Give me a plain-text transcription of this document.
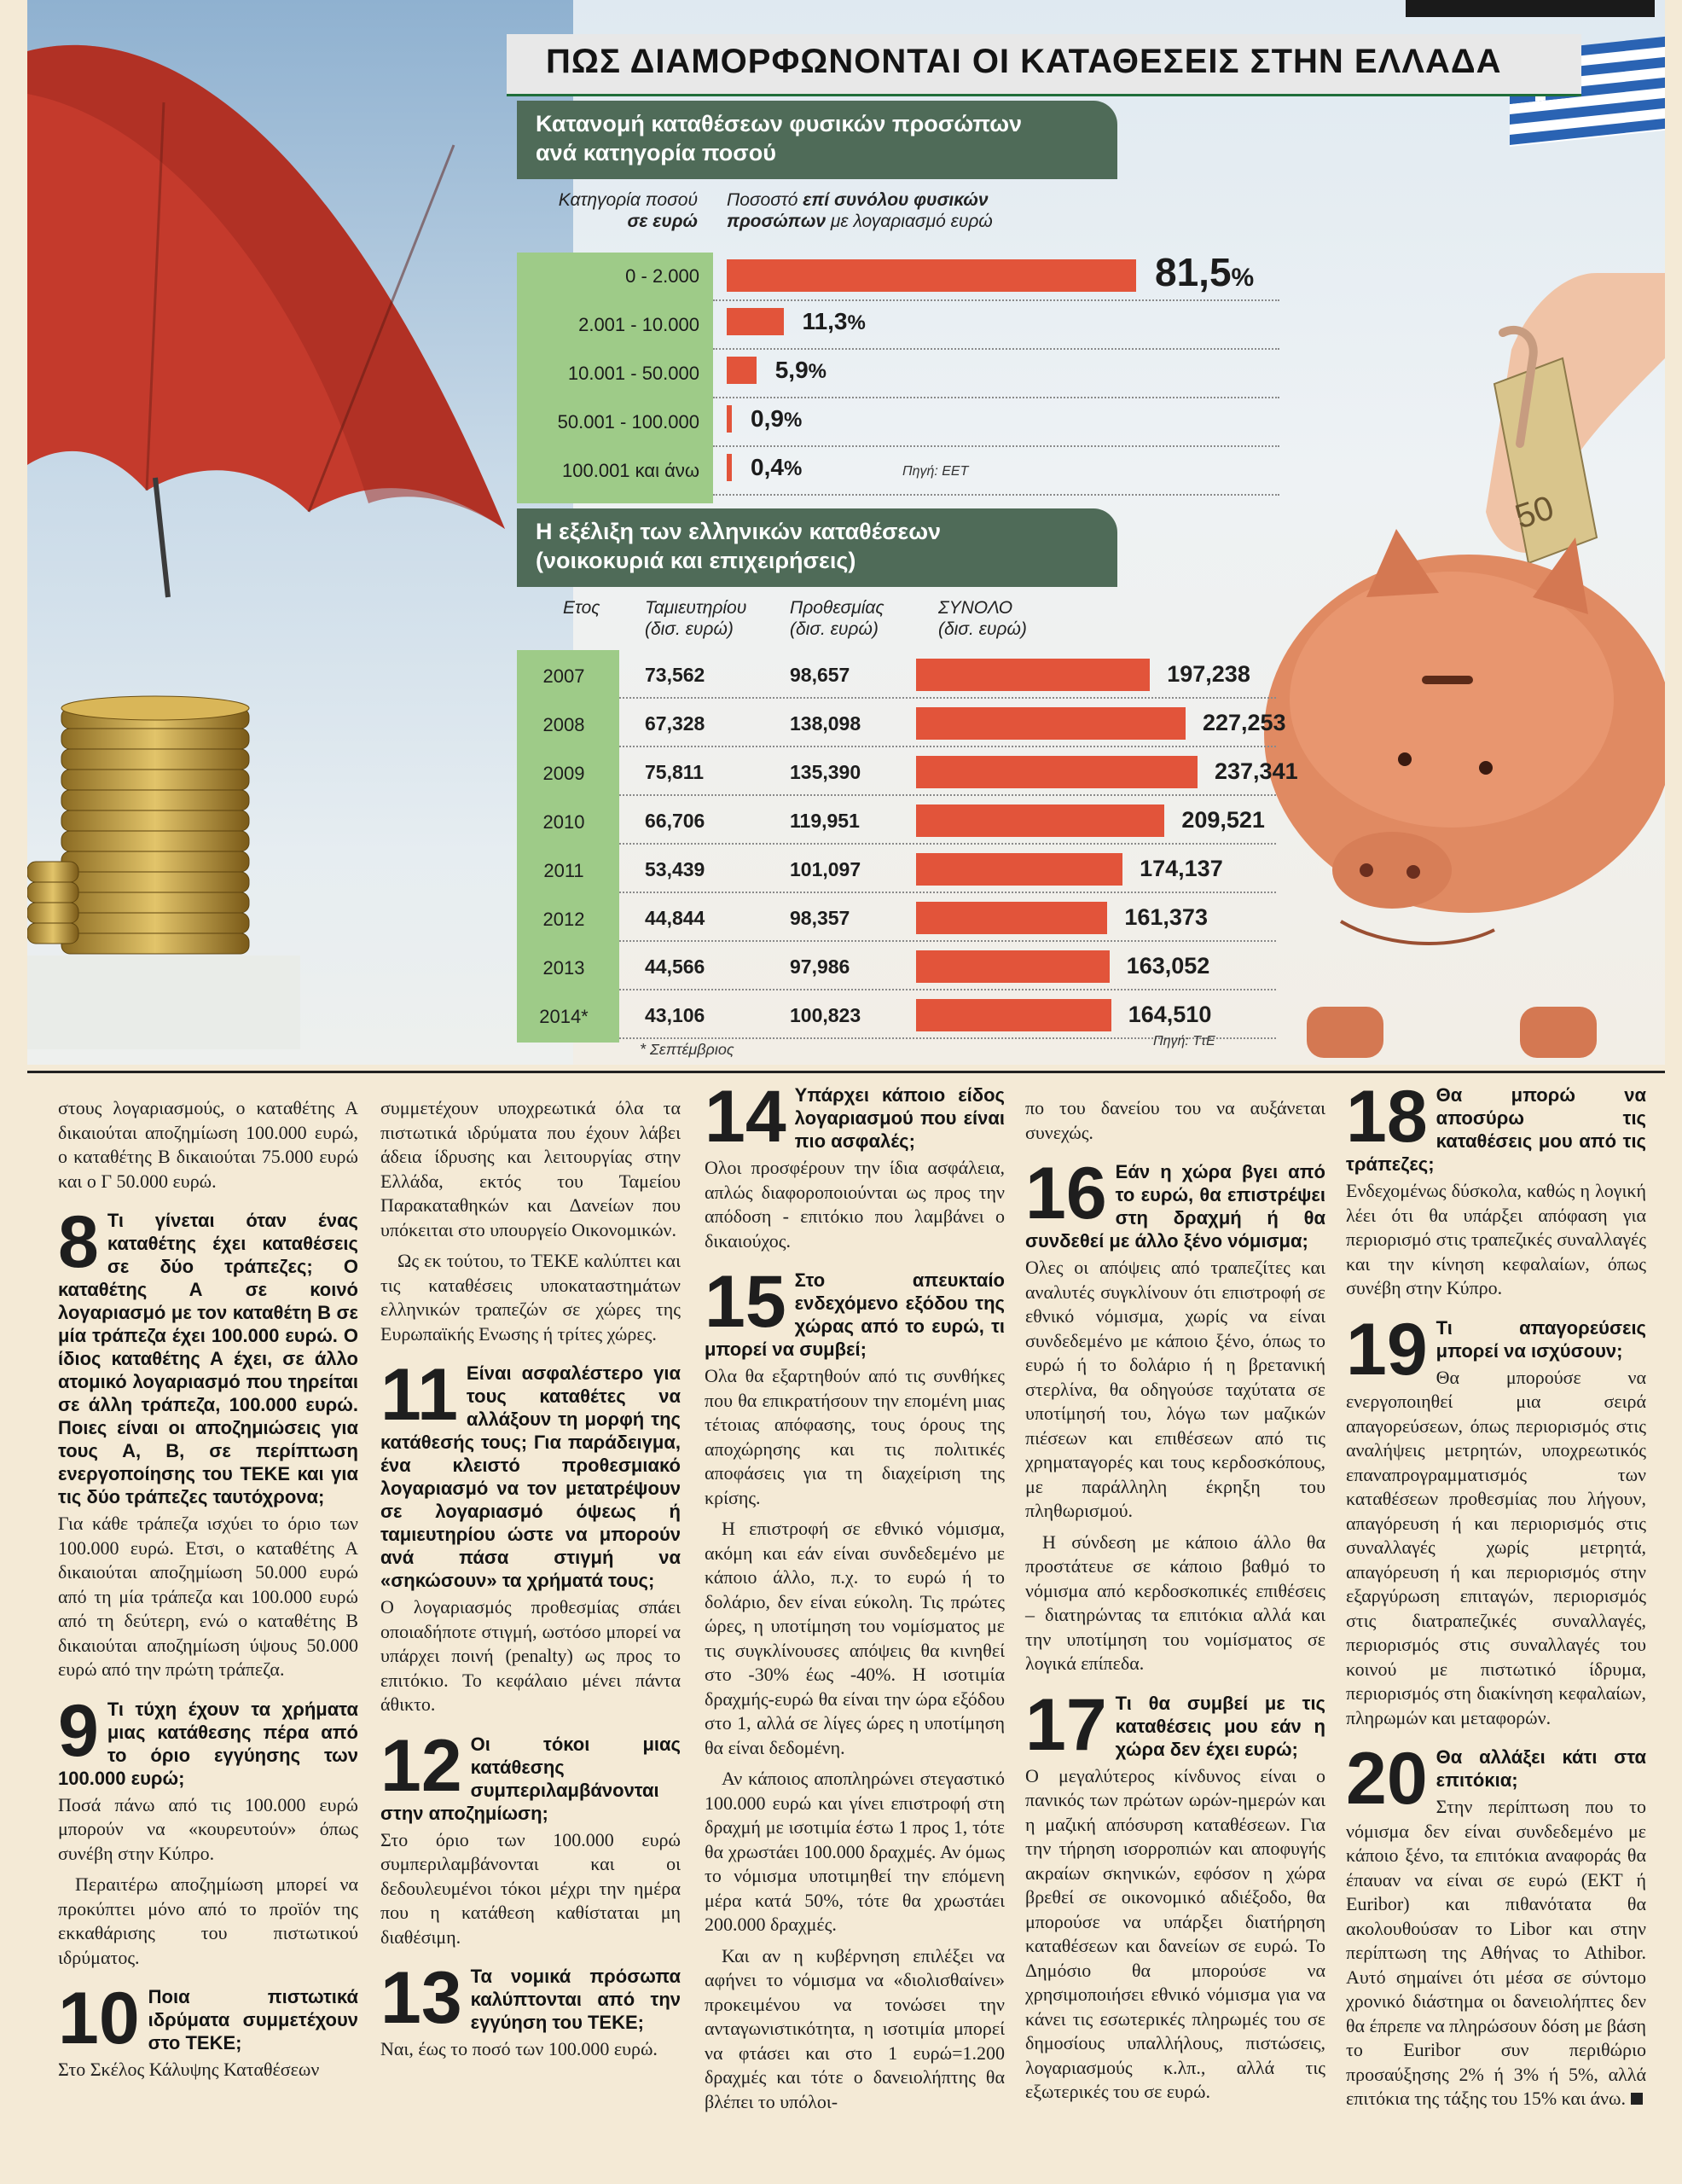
50
ΠΩΣ ΔΙΑΜΟΡΦΩΝΟΝΤΑΙ ΟΙ ΚΑΤΑΘΕΣΕΙΣ ΣΤΗΝ ΕΛΛΑΔΑ
Κατανομή καταθέσεων φυσικών προσώπων
ανά κατηγορία ποσού
Κατηγορία ποσού
σε ευρώ
Ποσοστό επί συνόλου φυσικών
προσώπων με λογαριασμό ευρώ
0 - 2.000	81,5%
2.001 - 10.000	11,3%
10.001 - 50.000	5,9%
50.001 - 100.000 0,9%
100.001 και άνω 0,4%	Πηγή: ΕΕΤ
Η εξέλιξη των ελληνικών καταθέσεων
(νοικοκυριά και επιχειρήσεις)
Ετος	Ταμιευτηρίου
(δισ. ευρώ)
Προθεσμίας
(δισ. ευρώ)
ΣΥΝΟΛΟ
(δισ. ευρώ)
2007	73,562	98,657	197,238
2008	67,328	138,098	227,253
2009	75,811	135,390	237,341
2010	66,706	119,951	209,521
2011	53,439	101,097	174,137
2012	44,844	98,357	161,373
2013	44,566	97,986	163,052
2014*	43,106	100,823	164,510
* Σεπτέμβριος	Πηγή: ΤτΕ

στους λογαριασμούς, ο καταθέτης Α δικαιούται αποζημίωση 100.000 ευρώ, ο καταθέτης Β δικαιούται 75.000 ευρώ και ο Γ 50.000 ευρώ.

8 Τι γίνεται όταν ένας καταθέτης έχει καταθέσεις σε δύο τράπεζες; Ο καταθέτης Α σε κοινό λογαριασμό με τον καταθέτη Β σε μία τράπεζα έχει 100.000 ευρώ. Ο ίδιος καταθέτης Α έχει, σε άλλο ατομικό λογαριασμό που τηρείται σε άλλη τράπεζα, 100.000 ευρώ. Ποιες είναι οι αποζημιώσεις για τους Α, Β, σε περίπτωση ενεργοποίησης του ΤΕΚΕ και για τις δύο τράπεζες ταυτόχρονα;

Για κάθε τράπεζα ισχύει το όριο των 100.000 ευρώ. Ετσι, ο καταθέτης Α δικαιούται αποζημίωση 50.000 ευρώ από τη μία τράπεζα και 100.000 ευρώ από τη δεύτερη, ενώ ο καταθέτης Β δικαιούται αποζημίωση ύψους 50.000 ευρώ από την πρώτη τράπεζα.

9 Τι τύχη έχουν τα χρήματα μιας κατάθεσης πέρα από το όριο εγγύησης των 100.000 ευρώ;

Ποσά πάνω από τις 100.000 ευρώ μπορούν να «κουρευτούν» όπως συνέβη στην Κύπρο.

Περαιτέρω αποζημίωση μπορεί να προκύπτει μόνο από το προϊόν της εκκαθάρισης του πιστωτικού ιδρύματος.

10 Ποια πιστωτικά ιδρύματα συμμετέχουν στο ΤΕΚΕ;

Στο Σκέλος Κάλυψης Καταθέσεων

συμμετέχουν υποχρεωτικά όλα τα πιστωτικά ιδρύματα που έχουν λάβει άδεια ίδρυσης και λειτουργίας στην Ελλάδα, εκτός του Ταμείου Παρακαταθηκών και Δανείων που υπόκειται στο υπουργείο Οικονομικών.

Ως εκ τούτου, το ΤΕΚΕ καλύπτει και τις καταθέσεις υποκαταστημάτων ελληνικών τραπεζών σε χώρες της Ευρωπαϊκής Ενωσης ή τρίτες χώρες.

11 Είναι ασφαλέστερο για τους καταθέτες να αλλάξουν τη μορφή της κατάθεσής τους; Για παράδειγμα, ένα κλειστό προθεσμιακό λογαριασμό να τον μετατρέψουν σε λογαριασμό όψεως ή ταμιευτηρίου ώστε να μπορούν ανά πάσα στιγμή να «σηκώσουν» τα χρήματά τους;

Ο λογαριασμός προθεσμίας σπάει οποιαδήποτε στιγμή, ωστόσο μπορεί να υπάρχει ποινή (penalty) ως προς το επιτόκιο. Το κεφάλαιο μένει πάντα άθικτο.

12 Οι τόκοι μιας κατάθεσης συμπεριλαμβάνονται στην αποζημίωση;

Στο όριο των 100.000 ευρώ συμπεριλαμβάνονται και οι δεδουλευμένοι τόκοι μέχρι την ημέρα που η κατάθεση καθίσταται μη διαθέσιμη.

13 Τα νομικά πρόσωπα καλύπτονται από την εγγύηση του ΤΕΚΕ;

Ναι, έως το ποσό των 100.000 ευρώ.

14 Υπάρχει κάποιο είδος λογαριασμού που είναι πιο ασφαλές;

Ολοι προσφέρουν την ίδια ασφάλεια, απλώς διαφοροποιούνται ως προς την απόδοση - επιτόκιο που λαμβάνει ο δικαιούχος.

15 Στο απευκταίο ενδεχόμενο εξόδου της χώρας από το ευρώ, τι μπορεί να συμβεί;

Ολα θα εξαρτηθούν από τις συνθήκες που θα επικρατήσουν την επομένη μιας τέτοιας απόφασης, τους όρους της αποχώρησης και τις πολιτικές αποφάσεις για τη διαχείριση της κρίσης.

Η επιστροφή σε εθνικό νόμισμα, ακόμη και εάν είναι συνδεδεμένο με κάποιο άλλο, π.χ. το ευρώ ή το δολάριο, δεν είναι εύκολη. Τις πρώτες ώρες, η υποτίμηση του νομίσματος με τις συγκλίνουσες απόψεις θα κινηθεί στο -30% έως -40%. Η ισοτιμία δραχμής-ευρώ θα είναι την ώρα εξόδου στο 1, αλλά σε λίγες ώρες η υποτίμηση θα είναι δεδομένη.

Αν κάποιος αποπληρώνει στεγαστικό 100.000 ευρώ και γίνει επιστροφή στη δραχμή με ισοτιμία έστω 1 προς 1, τότε θα χρωστάει 100.000 δραχμές. Αν όμως το νόμισμα υποτιμηθεί την επόμενη μέρα κατά 50%, τότε θα χρωστάει 200.000 δραχμές.

Και αν η κυβέρνηση επιλέξει να αφήνει το νόμισμα να «διολισθαίνει» προκειμένου να τονώσει την ανταγωνιστικότητα, η ισοτιμία μπορεί να φτάσει και στο 1 ευρώ=1.200 δραχμές και τότε ο δανειολήπτης θα βλέπει το υπόλοι-

πο του δανείου του να αυξάνεται συνεχώς.

16 Εάν η χώρα βγει από το ευρώ, θα επιστρέψει στη δραχμή ή θα συνδεθεί με άλλο ξένο νόμισμα;

Ολες οι απόψεις από τραπεζίτες και αναλυτές συγκλίνουν ότι επιστροφή σε εθνικό νόμισμα, χωρίς να είναι συνδεδεμένο με κάποιο ξένο, όπως το ευρώ ή το δολάριο ή η βρετανική στερλίνα, θα οδηγούσε ταχύτατα σε υποτίμησή του, λόγω των μαζικών πιέσεων και επιθέσεων από τις χρηματαγορές και τους κερδοσκόπους, με παράλληλη έκρηξη του πληθωρισμού.

Η σύνδεση με κάποιο άλλο θα προστάτευε σε κάποιο βαθμό το νόμισμα από κερδοσκοπικές επιθέσεις – διατηρώντας τα επιτόκια αλλά και την υποτίμηση του νομίσματος σε λογικά επίπεδα.

17 Τι θα συμβεί με τις καταθέσεις μου εάν η χώρα δεν έχει ευρώ;

Ο μεγαλύτερος κίνδυνος είναι ο πανικός των πρώτων ωρών-ημερών και η μαζική απόσυρση καταθέσεων. Για την τήρηση ισορροπιών και αποφυγής ακραίων σκηνικών, εφόσον η χώρα βρεθεί σε οικονομικό αδιέξοδο, θα μπορούσε να υπάρξει διατήρηση καταθέσεων και δανείων σε ευρώ. Το Δημόσιο θα μπορούσε να χρησιμοποιήσει εθνικό νόμισμα για να κάνει τις εσωτερικές πληρωμές του σε δημοσίους υπαλλήλους, πιστώσεις, λογαριασμούς κ.λπ., αλλά τις εξωτερικές του σε ευρώ.

18 Θα μπορώ να αποσύρω τις καταθέσεις μου από τις τράπεζες;

Ενδεχομένως δύσκολα, καθώς η λογική λέει ότι θα υπάρξει απόφαση για περιορισμό στις τραπεζικές συναλλαγές και την κίνηση κεφαλαίων, όπως συνέβη στην Κύπρο.

19 Τι απαγορεύσεις μπορεί να ισχύσουν;

Θα μπορούσε να ενεργοποιηθεί μια σειρά απαγορεύσεων, όπως περιορισμός στις αναλήψεις μετρητών, υποχρεωτικός επαναπρογραμματισμός των καταθέσεων προθεσμίας που λήγουν, απαγόρευση ή και περιορισμός στις συναλλαγές χωρίς μετρητά, απαγόρευση ή και περιορισμός στην εξαργύρωση επιταγών, περιορισμός στις διατραπεζικές συναλλαγές, περιορισμός στις συναλλαγές του κοινού με πιστωτικό ίδρυμα, περιορισμός στη διακίνηση κεφαλαίων, πληρωμών και μεταφορών.

20 Θα αλλάξει κάτι στα επιτόκια;

Στην περίπτωση που το νόμισμα δεν είναι συνδεδεμένο με κάποιο ξένο, τα επιτόκια αναφοράς θα έπαυαν να είναι σε ευρώ (ΕΚΤ ή Euribor) και πιθανότατα θα ακολουθούσαν το Libor και στην περίπτωση της Αθήνας το Athibor. Αυτό σημαίνει ότι μέσα σε σύντομο χρονικό διάστημα οι δανειολήπτες δεν θα έπρεπε να πληρώσουν δόση με βάση το Euribor συν περιθώριο προσαύξησης 2% ή 3% ή 5%, αλλά επιτόκια της τάξης του 15% και άνω.
